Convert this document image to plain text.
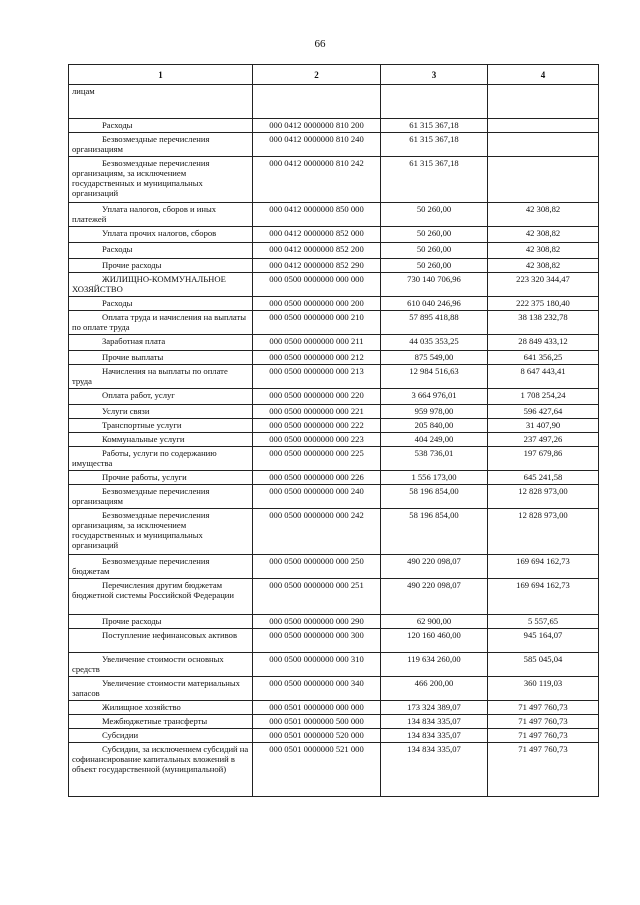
66
1	2	3	4
лицам			
Расходы	000 0412 0000000 810 200	61 315 367,18	
Безвозмездные перечисления организациям	000 0412 0000000 810 240	61 315 367,18	
Безвозмездные перечисления организациям, за исключением государственных и муниципальных организаций	000 0412 0000000 810 242	61 315 367,18	
Уплата налогов, сборов и иных платежей	000 0412 0000000 850 000	50 260,00	42 308,82
Уплата прочих налогов, сборов	000 0412 0000000 852 000	50 260,00	42 308,82
Расходы	000 0412 0000000 852 200	50 260,00	42 308,82
Прочие расходы	000 0412 0000000 852 290	50 260,00	42 308,82
ЖИЛИЩНО-КОММУНАЛЬНОЕ ХОЗЯЙСТВО	000 0500 0000000 000 000	730 140 706,96	223 320 344,47
Расходы	000 0500 0000000 000 200	610 040 246,96	222 375 180,40
Оплата труда и начисления на выплаты по оплате труда	000 0500 0000000 000 210	57 895 418,88	38 138 232,78
Заработная плата	000 0500 0000000 000 211	44 035 353,25	28 849 433,12
Прочие выплаты	000 0500 0000000 000 212	875 549,00	641 356,25
Начисления на выплаты по оплате труда	000 0500 0000000 000 213	12 984 516,63	8 647 443,41
Оплата работ, услуг	000 0500 0000000 000 220	3 664 976,01	1 708 254,24
Услуги связи	000 0500 0000000 000 221	959 978,00	596 427,64
Транспортные услуги	000 0500 0000000 000 222	205 840,00	31 407,90
Коммунальные услуги	000 0500 0000000 000 223	404 249,00	237 497,26
Работы, услуги по содержанию имущества	000 0500 0000000 000 225	538 736,01	197 679,86
Прочие работы, услуги	000 0500 0000000 000 226	1 556 173,00	645 241,58
Безвозмездные перечисления организациям	000 0500 0000000 000 240	58 196 854,00	12 828 973,00
Безвозмездные перечисления организациям, за исключением государственных и муниципальных организаций	000 0500 0000000 000 242	58 196 854,00	12 828 973,00
Безвозмездные перечисления бюджетам	000 0500 0000000 000 250	490 220 098,07	169 694 162,73
Перечисления другим бюджетам бюджетной системы Российской Федерации	000 0500 0000000 000 251	490 220 098,07	169 694 162,73
Прочие расходы	000 0500 0000000 000 290	62 900,00	5 557,65
Поступление нефинансовых активов	000 0500 0000000 000 300	120 160 460,00	945 164,07
Увеличение стоимости основных средств	000 0500 0000000 000 310	119 634 260,00	585 045,04
Увеличение стоимости материальных запасов	000 0500 0000000 000 340	466 200,00	360 119,03
Жилищное хозяйство	000 0501 0000000 000 000	173 324 389,07	71 497 760,73
Межбюджетные трансферты	000 0501 0000000 500 000	134 834 335,07	71 497 760,73
Субсидии	000 0501 0000000 520 000	134 834 335,07	71 497 760,73
Субсидии, за исключением субсидий на софинансирование капитальных вложений в объект государственной (муниципальной)	000 0501 0000000 521 000	134 834 335,07	71 497 760,73
